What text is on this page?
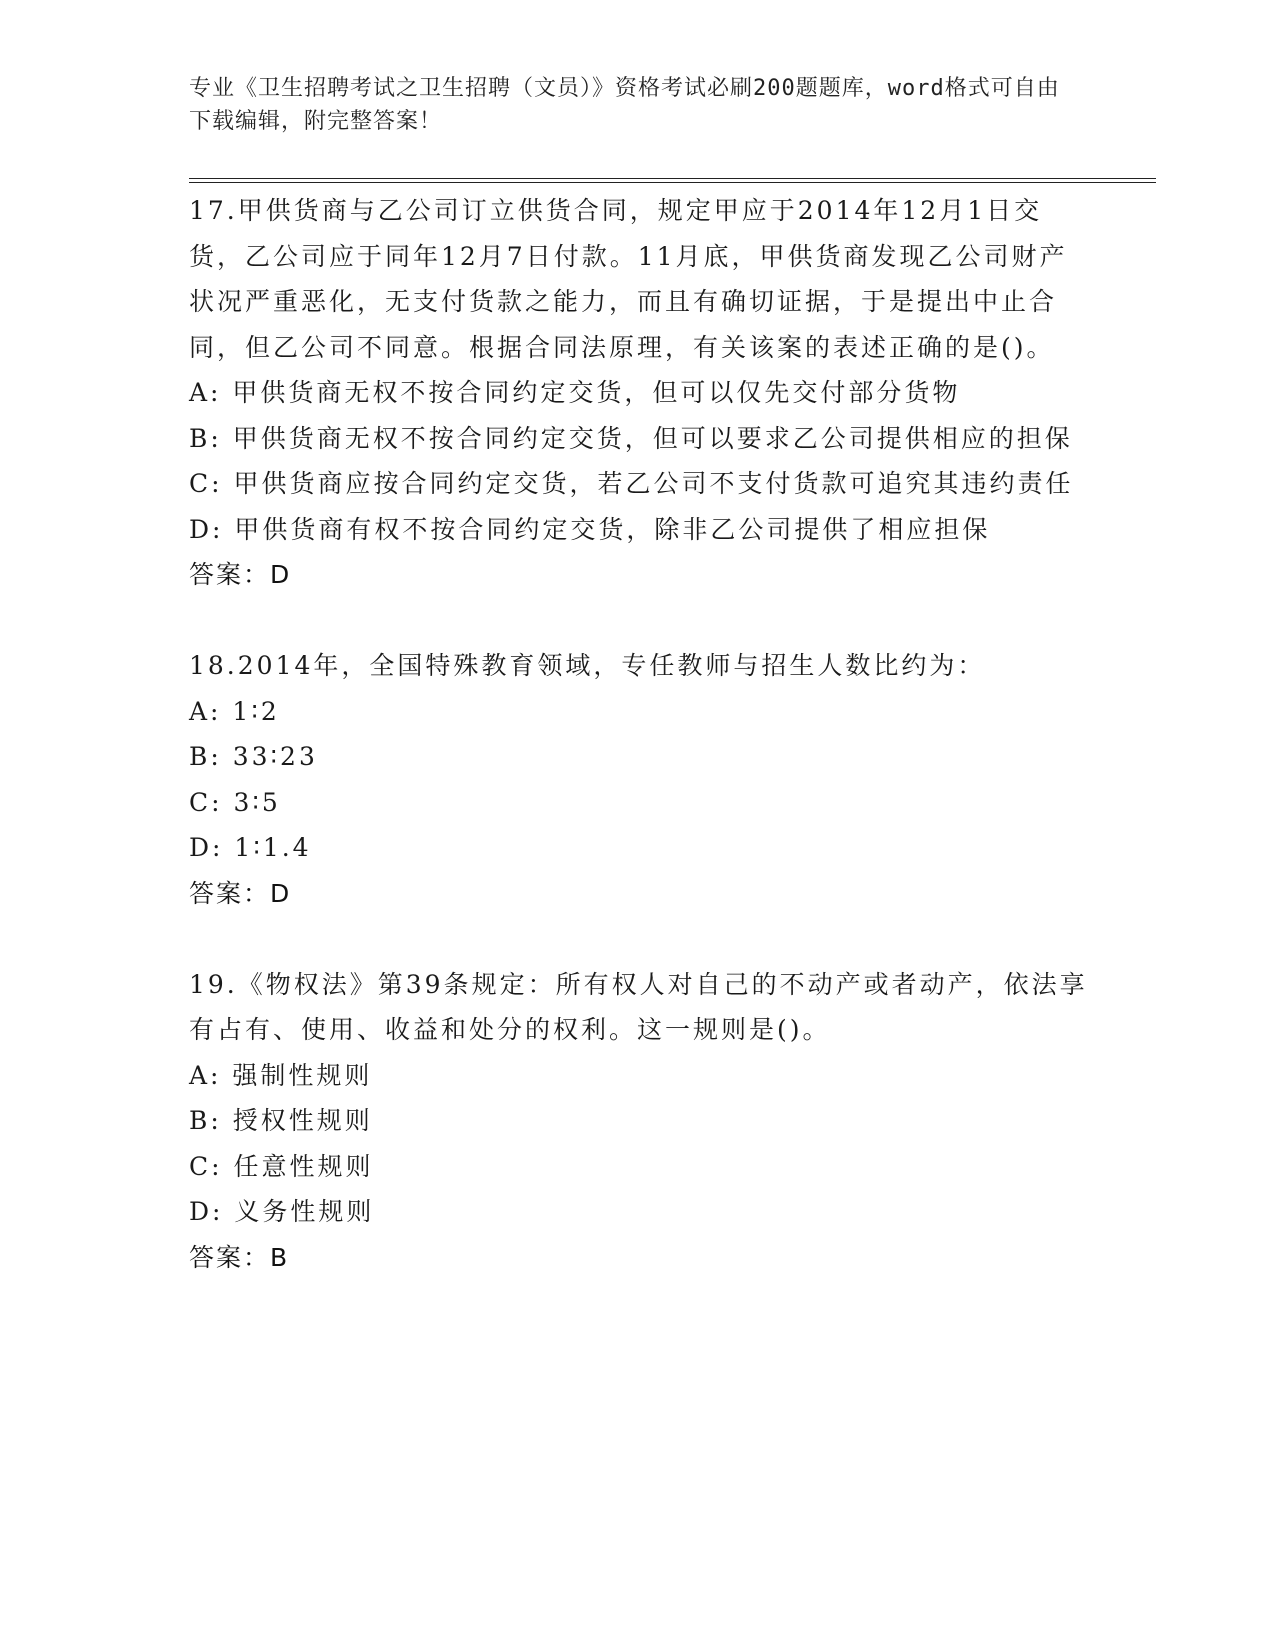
专业《卫生招聘考试之卫生招聘（文员）》资格考试必刷200题题库，word格式可自由下载编辑，附完整答案！

17.甲供货商与乙公司订立供货合同，规定甲应于2014年12月1日交货，乙公司应于同年12月7日付款。11月底，甲供货商发现乙公司财产状况严重恶化，无支付货款之能力，而且有确切证据，于是提出中止合同，但乙公司不同意。根据合同法原理，有关该案的表述正确的是()。

A: 甲供货商无权不按合同约定交货，但可以仅先交付部分货物

B: 甲供货商无权不按合同约定交货，但可以要求乙公司提供相应的担保

C: 甲供货商应按合同约定交货，若乙公司不支付货款可追究其违约责任

D: 甲供货商有权不按合同约定交货，除非乙公司提供了相应担保

答案：D

18.2014年，全国特殊教育领域，专任教师与招生人数比约为：

A: 1∶2

B: 33∶23

C: 3∶5

D: 1∶1.4

答案：D

19.《物权法》第39条规定：所有权人对自己的不动产或者动产，依法享有占有、使用、收益和处分的权利。这一规则是()。

A: 强制性规则

B: 授权性规则

C: 任意性规则

D: 义务性规则

答案：B
